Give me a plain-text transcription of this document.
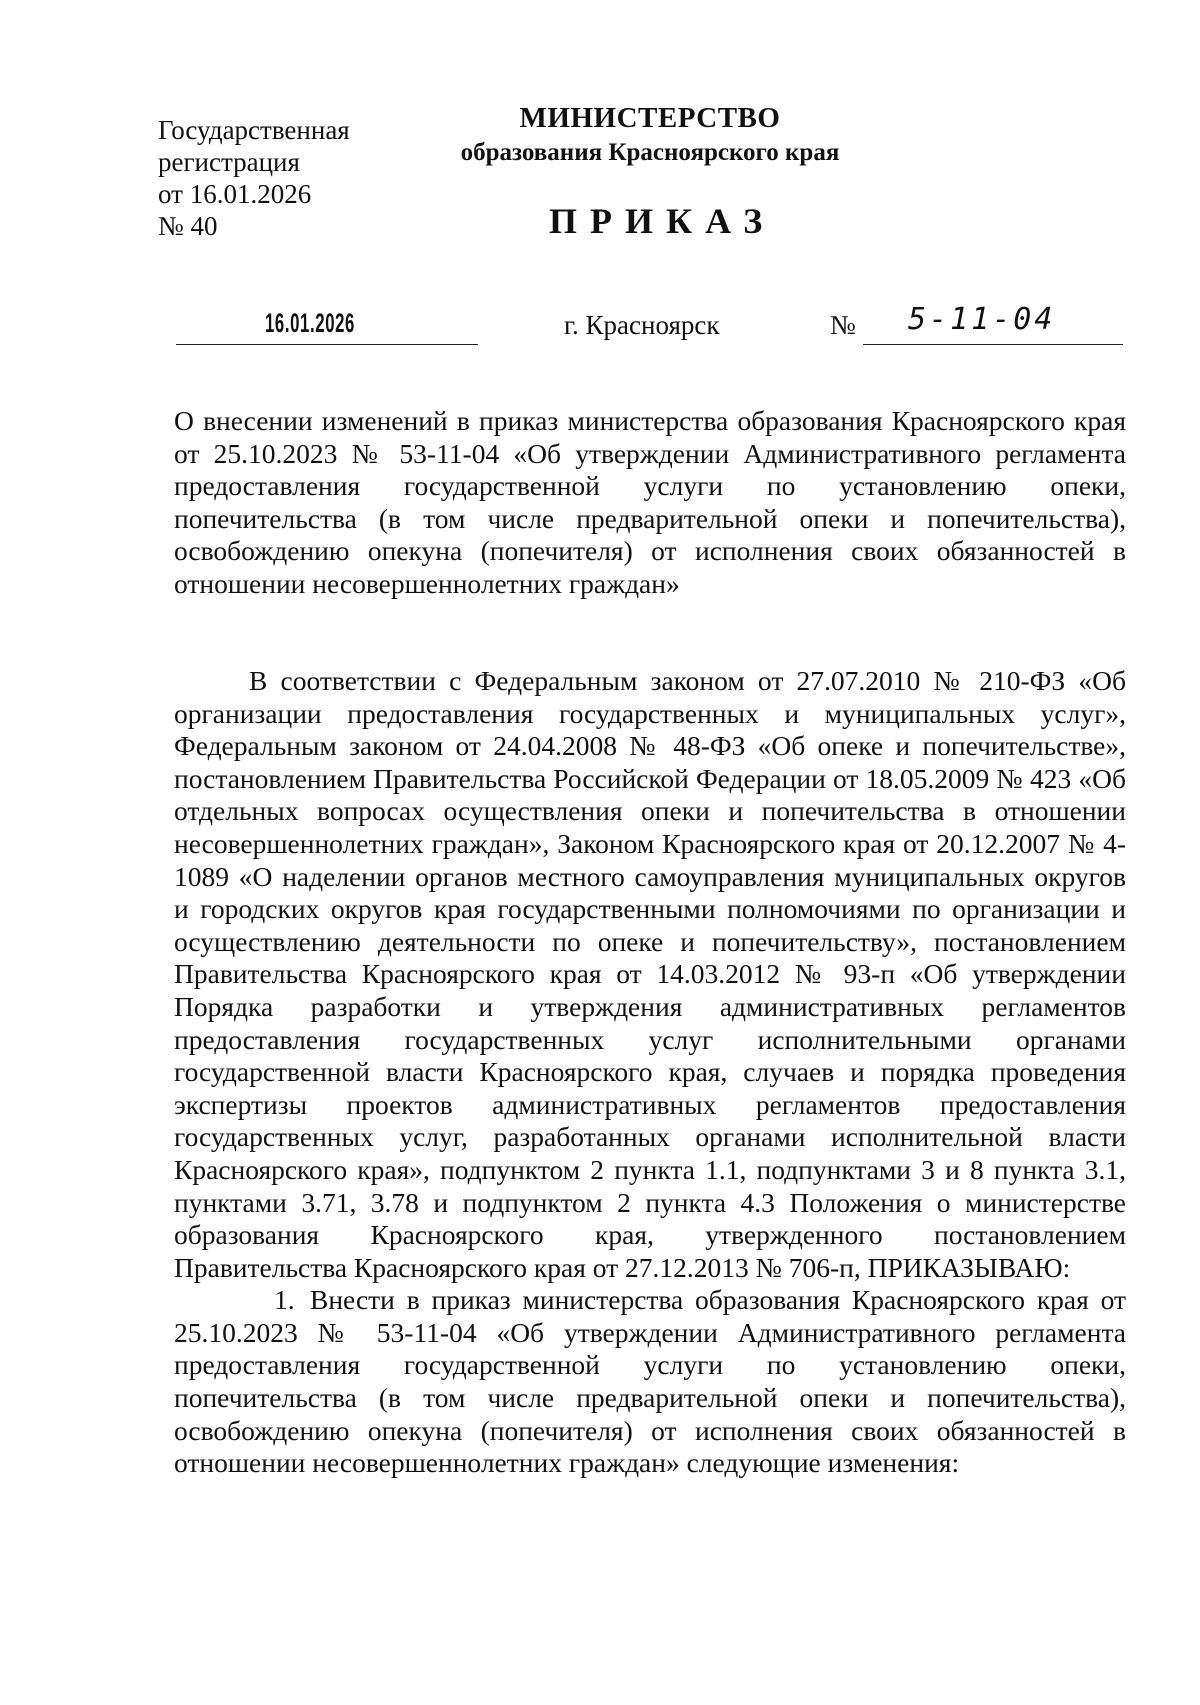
Государственная
регистрация
от 16.01.2026
№ 40
МИНИСТЕРСТВО
образования Красноярского края
ПРИКАЗ
16.01.2026	г. Красноярск	№ 5-11-04
О внесении изменений в приказ министерства образования Красноярского края от 25.10.2023 № 53-11-04 «Об утверждении Административного регламента предоставления государственной услуги по установлению опеки, попечительства (в том числе предварительной опеки и попечительства), освобождению опекуна (попечителя) от исполнения своих обязанностей в отношении несовершеннолетних граждан»

В соответствии с Федеральным законом от 27.07.2010 № 210-ФЗ «Об организации предоставления государственных и муниципальных услуг», Федеральным законом от 24.04.2008 № 48-ФЗ «Об опеке и попечительстве», постановлением Правительства Российской Федерации от 18.05.2009 № 423 «Об отдельных вопросах осуществления опеки и попечительства в отношении несовершеннолетних граждан», Законом Красноярского края от 20.12.2007 № 4-1089 «О наделении органов местного самоуправления муниципальных округов и городских округов края государственными полномочиями по организации и осуществлению деятельности по опеке и попечительству», постановлением Правительства Красноярского края от 14.03.2012 № 93-п «Об утверждении Порядка разработки и утверждения административных регламентов предоставления государственных услуг исполнительными органами государственной власти Красноярского края, случаев и порядка проведения экспертизы проектов административных регламентов предоставления государственных услуг, разработанных органами исполнительной власти Красноярского края», подпунктом 2 пункта 1.1, подпунктами 3 и 8 пункта 3.1, пунктами 3.71, 3.78 и подпунктом 2 пункта 4.3 Положения о министерстве образования Красноярского края, утвержденного постановлением Правительства Красноярского края от 27.12.2013 № 706-п, ПРИКАЗЫВАЮ:

1. Внести в приказ министерства образования Красноярского края от 25.10.2023 № 53-11-04 «Об утверждении Административного регламента предоставления государственной услуги по установлению опеки, попечительства (в том числе предварительной опеки и попечительства), освобождению опекуна (попечителя) от исполнения своих обязанностей в отношении несовершеннолетних граждан» следующие изменения:
